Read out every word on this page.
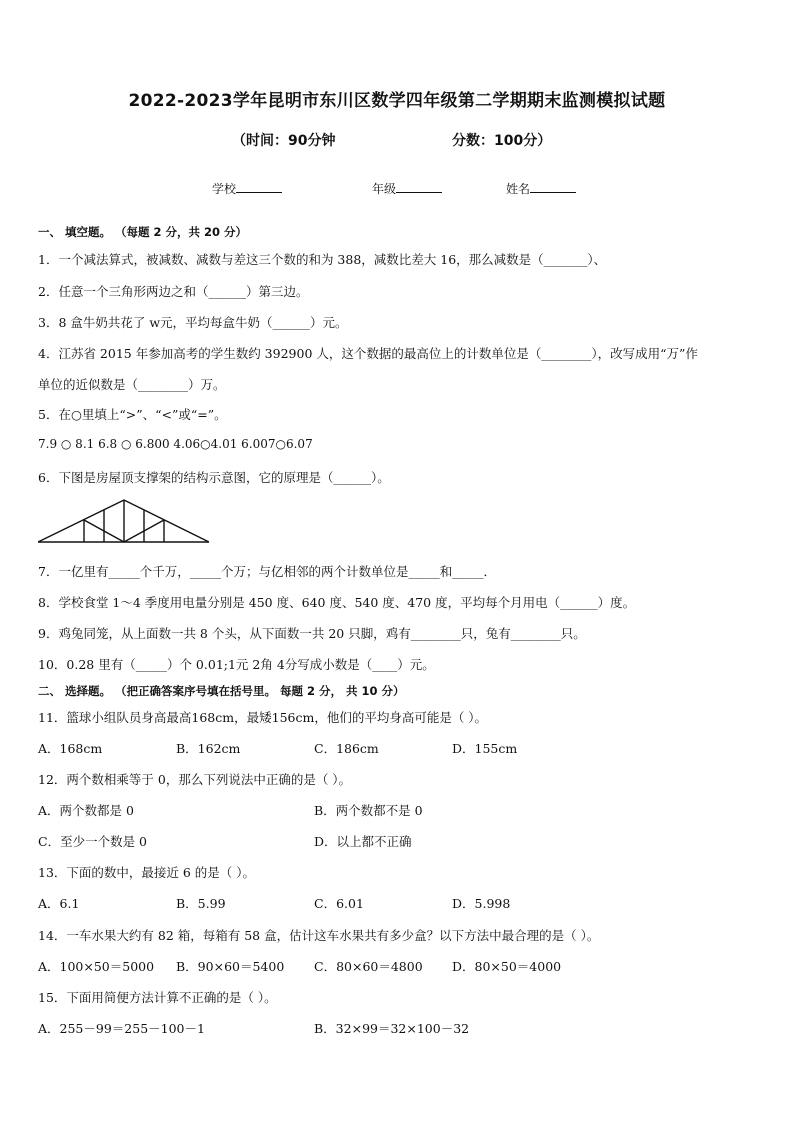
2022-2023学年昆明市东川区数学四年级第二学期期末监测模拟试题
（时间：90分钟	分数：100分）
学校	年级	姓名
一、 填空题。 （每题 2 分，共 20 分）
1．一个减法算式，被减数、减数与差这三个数的和为 388，减数比差大 16，那么减数是（_______）、
2．任意一个三角形两边之和（______）第三边。
3．8 盒牛奶共花了 w元，平均每盒牛奶（______）元。
4．江苏省 2015 年参加高考的学生数约 392900 人，这个数据的最高位上的计数单位是（________），改写成用“万”作
单位的近似数是（________）万。
5．在○里填上“>”、“<”或“=”。
7.9 ○ 8.1 6.8 ○ 6.800 4.06○4.01 6.007○6.07
6．下图是房屋顶支撑架的结构示意图，它的原理是（______）。
7．一亿里有_____个千万，_____个万；与亿相邻的两个计数单位是_____和_____．
8．学校食堂 1～4 季度用电量分别是 450 度、640 度、540 度、470 度，平均每个月用电（______）度。
9．鸡兔同笼，从上面数一共 8 个头，从下面数一共 20 只脚，鸡有________只，兔有________只。
10．0.28 里有（_____）个 0.01;1元 2角 4分写成小数是（____）元。
二、 选择题。 （把正确答案序号填在括号里。 每题 2 分， 共 10 分）
11．篮球小组队员身高最高168cm，最矮156cm，他们的平均身高可能是（ ）。
A．168cm	B．162cm	C．186cm	D．155cm
12．两个数相乘等于 0，那么下列说法中正确的是（ ）。
A．两个数都是 0	B．两个数都不是 0
C．至少一个数是 0	D．以上都不正确
13．下面的数中，最接近 6 的是（ ）。
A．6.1	B．5.99	C．6.01	D．5.998
14．一车水果大约有 82 箱，每箱有 58 盒，估计这车水果共有多少盒？以下方法中最合理的是（ ）。
A．100×50＝5000 B．90×60＝5400 C．80×60＝4800 D．80×50＝4000
15．下面用简便方法计算不正确的是（ ）。
A．255－99＝255－100－1	B．32×99＝32×100－32
